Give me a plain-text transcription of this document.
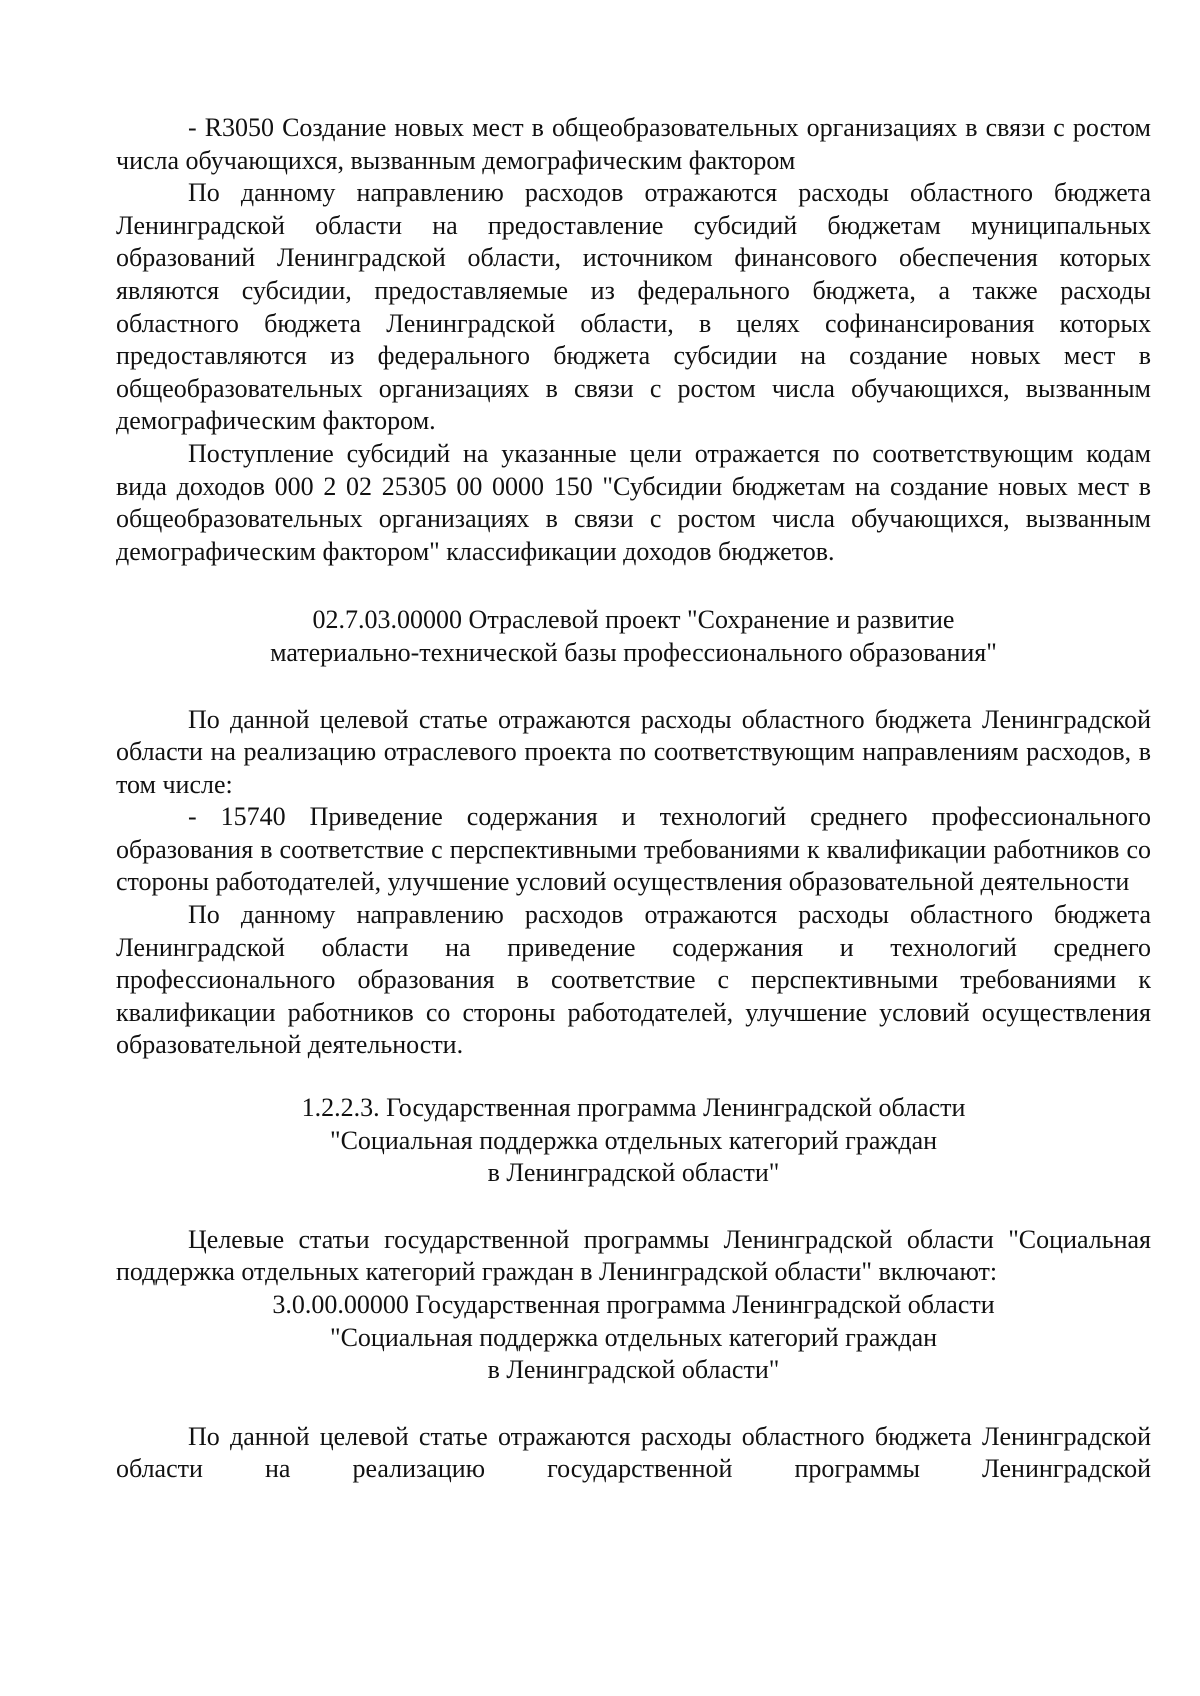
- R3050 Создание новых мест в общеобразовательных организациях в связи с ростом числа обучающихся, вызванным демографическим фактором

По данному направлению расходов отражаются расходы областного бюджета Ленинградской области на предоставление субсидий бюджетам муниципальных образований Ленинградской области, источником финансового обеспечения которых являются субсидии, предоставляемые из федерального бюджета, а также расходы областного бюджета Ленинградской области, в целях софинансирования которых предоставляются из федерального бюджета субсидии на создание новых мест в общеобразовательных организациях в связи с ростом числа обучающихся, вызванным демографическим фактором.

Поступление субсидий на указанные цели отражается по соответствующим кодам вида доходов 000 2 02 25305 00 0000 150 "Субсидии бюджетам на создание новых мест в общеобразовательных организациях в связи с ростом числа обучающихся, вызванным демографическим фактором" классификации доходов бюджетов.

02.7.03.00000 Отраслевой проект "Сохранение и развитие

материально-технической базы профессионального образования"

По данной целевой статье отражаются расходы областного бюджета Ленинградской области на реализацию отраслевого проекта по соответствующим направлениям расходов, в том числе:

- 15740 Приведение содержания и технологий среднего профессионального образования в соответствие с перспективными требованиями к квалификации работников со стороны работодателей, улучшение условий осуществления образовательной деятельности

По данному направлению расходов отражаются расходы областного бюджета Ленинградской области на приведение содержания и технологий среднего профессионального образования в соответствие с перспективными требованиями к квалификации работников со стороны работодателей, улучшение условий осуществления образовательной деятельности.

1.2.2.3. Государственная программа Ленинградской области

"Социальная поддержка отдельных категорий граждан

в Ленинградской области"

Целевые статьи государственной программы Ленинградской области "Социальная поддержка отдельных категорий граждан в Ленинградской области" включают:

3.0.00.00000 Государственная программа Ленинградской области

"Социальная поддержка отдельных категорий граждан

в Ленинградской области"

По данной целевой статье отражаются расходы областного бюджета Ленинградской области на реализацию государственной программы Ленинградской
